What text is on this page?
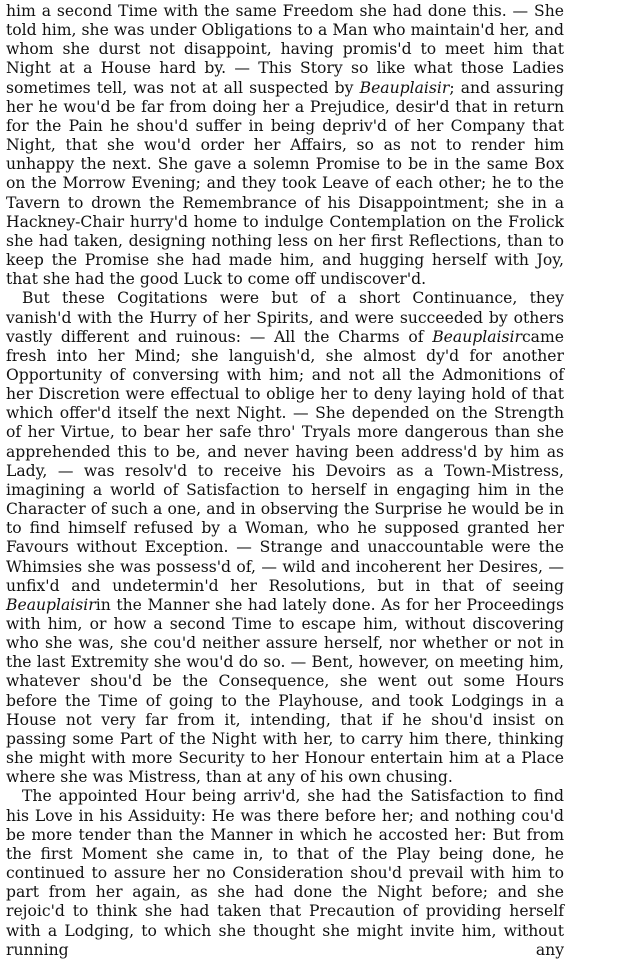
him a second Time with the same Freedom she had done this. — She told him, she was under Obligations to a Man who maintain'd her, and whom she durst not disappoint, having promis'd to meet him that Night at a House hard by. — This Story so like what those Ladies sometimes tell, was not at all suspected by Beauplaisir; and assuring her he wou'd be far from doing her a Prejudice, desir'd that in return for the Pain he shou'd suffer in being depriv'd of her Company that Night, that she wou'd order her Affairs, so as not to render him unhappy the next. She gave a solemn Promise to be in the same Box on the Morrow Evening; and they took Leave of each other; he to the Tavern to drown the Remembrance of his Disappointment; she in a Hackney-Chair hurry'd home to indulge Contemplation on the Frolick she had taken, designing nothing less on her first Reflections, than to keep the Promise she had made him, and hugging herself with Joy, that she had the good Luck to come off undiscover'd.

But these Cogitations were but of a short Continuance, they vanish'd with the Hurry of her Spirits, and were succeeded by others vastly different and ruinous: — All the Charms of Beauplaisircame fresh into her Mind; she languish'd, she almost dy'd for another Opportunity of conversing with him; and not all the Admonitions of her Discretion were effectual to oblige her to deny laying hold of that which offer'd itself the next Night. — She depended on the Strength of her Virtue, to bear her safe thro' Tryals more dangerous than she apprehended this to be, and never having been address'd by him as Lady, — was resolv'd to receive his Devoirs as a Town-Mistress, imagining a world of Satisfaction to herself in engaging him in the Character of such a one, and in observing the Surprise he would be in to find himself refused by a Woman, who he supposed granted her Favours without Exception. — Strange and unaccountable were the Whimsies she was possess'd of, — wild and incoherent her Desires, — unfix'd and undetermin'd her Resolutions, but in that of seeing Beauplaisirin the Manner she had lately done. As for her Proceedings with him, or how a second Time to escape him, without discovering who she was, she cou'd neither assure herself, nor whether or not in the last Extremity she wou'd do so. — Bent, however, on meeting him, whatever shou'd be the Consequence, she went out some Hours before the Time of going to the Playhouse, and took Lodgings in a House not very far from it, intending, that if he shou'd insist on passing some Part of the Night with her, to carry him there, thinking she might with more Security to her Honour entertain him at a Place where she was Mistress, than at any of his own chusing.

The appointed Hour being arriv'd, she had the Satisfaction to find his Love in his Assiduity: He was there before her; and nothing cou'd be more tender than the Manner in which he accosted her: But from the first Moment she came in, to that of the Play being done, he continued to assure her no Consideration shou'd prevail with him to part from her again, as she had done the Night before; and she rejoic'd to think she had taken that Precaution of providing herself with a Lodging, to which she thought she might invite him, without running any
